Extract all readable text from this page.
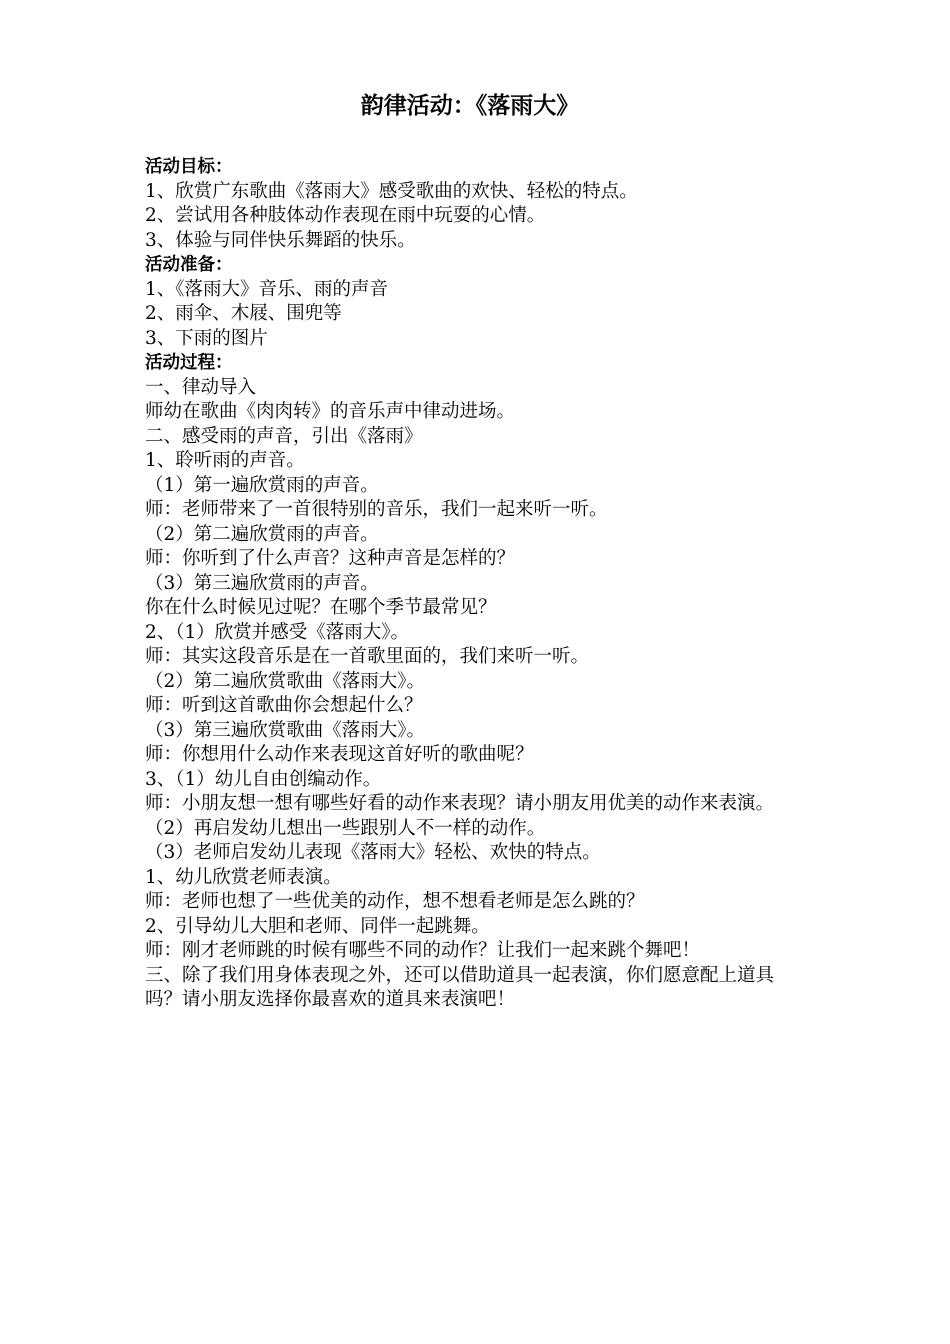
韵律活动：《落雨大》
活动目标：
1、欣赏广东歌曲《落雨大》感受歌曲的欢快、轻松的特点。
2、尝试用各种肢体动作表现在雨中玩耍的心情。
3、体验与同伴快乐舞蹈的快乐。
活动准备：
1、《落雨大》音乐、雨的声音
2、雨伞、木屐、围兜等
3、下雨的图片
活动过程：
一、律动导入
师幼在歌曲《肉肉转》的音乐声中律动进场。
二、感受雨的声音，引出《落雨》
1、聆听雨的声音。
（1）第一遍欣赏雨的声音。
师：老师带来了一首很特别的音乐，我们一起来听一听。
（2）第二遍欣赏雨的声音。
师：你听到了什么声音？这种声音是怎样的？
（3）第三遍欣赏雨的声音。
你在什么时候见过呢？在哪个季节最常见？
2、（1）欣赏并感受《落雨大》。
师：其实这段音乐是在一首歌里面的，我们来听一听。
（2）第二遍欣赏歌曲《落雨大》。
师：听到这首歌曲你会想起什么？
（3）第三遍欣赏歌曲《落雨大》。
师：你想用什么动作来表现这首好听的歌曲呢？
3、（1）幼儿自由创编动作。
师：小朋友想一想有哪些好看的动作来表现？请小朋友用优美的动作来表演。
（2）再启发幼儿想出一些跟别人不一样的动作。
（3）老师启发幼儿表现《落雨大》轻松、欢快的特点。
1、幼儿欣赏老师表演。
师：老师也想了一些优美的动作，想不想看老师是怎么跳的？
2、引导幼儿大胆和老师、同伴一起跳舞。
师：刚才老师跳的时候有哪些不同的动作？让我们一起来跳个舞吧！
三、除了我们用身体表现之外，还可以借助道具一起表演，你们愿意配上道具吗？请小朋友选择你最喜欢的道具来表演吧！
